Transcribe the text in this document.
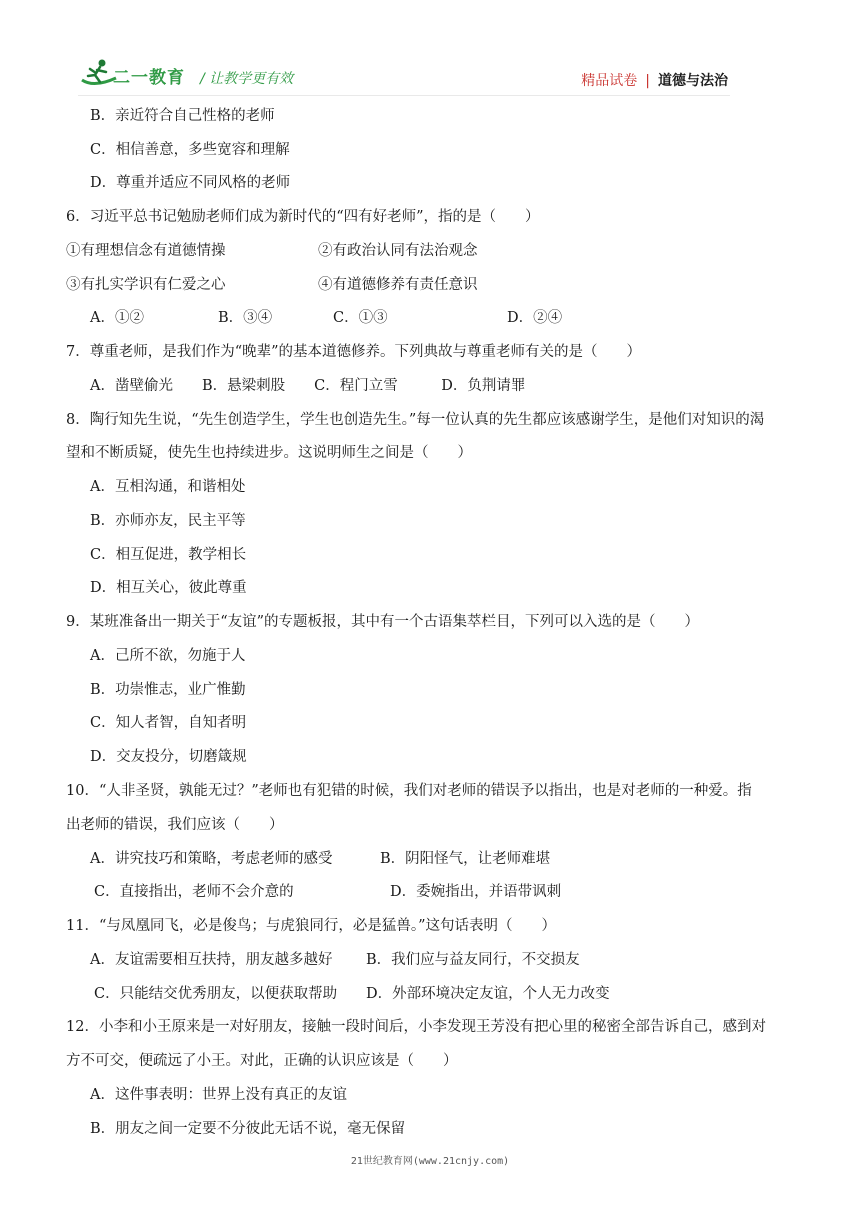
二一教育 / 让教学更有效	精品试卷 | 道德与法治
B．亲近符合自己性格的老师
C．相信善意，多些宽容和理解
D．尊重并适应不同风格的老师
6．习近平总书记勉励老师们成为新时代的“四有好老师”，指的是（　　）
①有理想信念有道德情操	②有政治认同有法治观念
③有扎实学识有仁爱之心	④有道德修养有责任意识
A．①②	B．③④	C．①③	D．②④
7．尊重老师，是我们作为“晚辈”的基本道德修养。下列典故与尊重老师有关的是（　　）
A．凿壁偷光　　B．悬梁刺股　　C．程门立雪　　　D．负荆请罪
8．陶行知先生说，“先生创造学生，学生也创造先生。”每一位认真的先生都应该感谢学生，是他们对知识的渴
望和不断质疑，使先生也持续进步。这说明师生之间是（　　）
A．互相沟通，和谐相处
B．亦师亦友，民主平等
C．相互促进，教学相长
D．相互关心，彼此尊重
9．某班准备出一期关于“友谊”的专题板报，其中有一个古语集萃栏目，下列可以入选的是（　　）
A．己所不欲，勿施于人
B．功崇惟志，业广惟勤
C．知人者智，自知者明
D．交友投分，切磨箴规
10．“人非圣贤，孰能无过？”老师也有犯错的时候，我们对老师的错误予以指出，也是对老师的一种爱。指
出老师的错误，我们应该（　　）
A．讲究技巧和策略，考虑老师的感受	B．阴阳怪气，让老师难堪
C．直接指出，老师不会介意的	D．委婉指出，并语带讽刺
11．“与凤凰同飞，必是俊鸟；与虎狼同行，必是猛兽。”这句话表明（　　）
A．友谊需要相互扶持，朋友越多越好 B．我们应与益友同行，不交损友
C．只能结交优秀朋友，以便获取帮助 D．外部环境决定友谊，个人无力改变
12．小李和小王原来是一对好朋友，接触一段时间后，小李发现王芳没有把心里的秘密全部告诉自己，感到对
方不可交，便疏远了小王。对此，正确的认识应该是（　　）
A．这件事表明：世界上没有真正的友谊
B．朋友之间一定要不分彼此无话不说，毫无保留
21世纪教育网(www.21cnjy.com)
